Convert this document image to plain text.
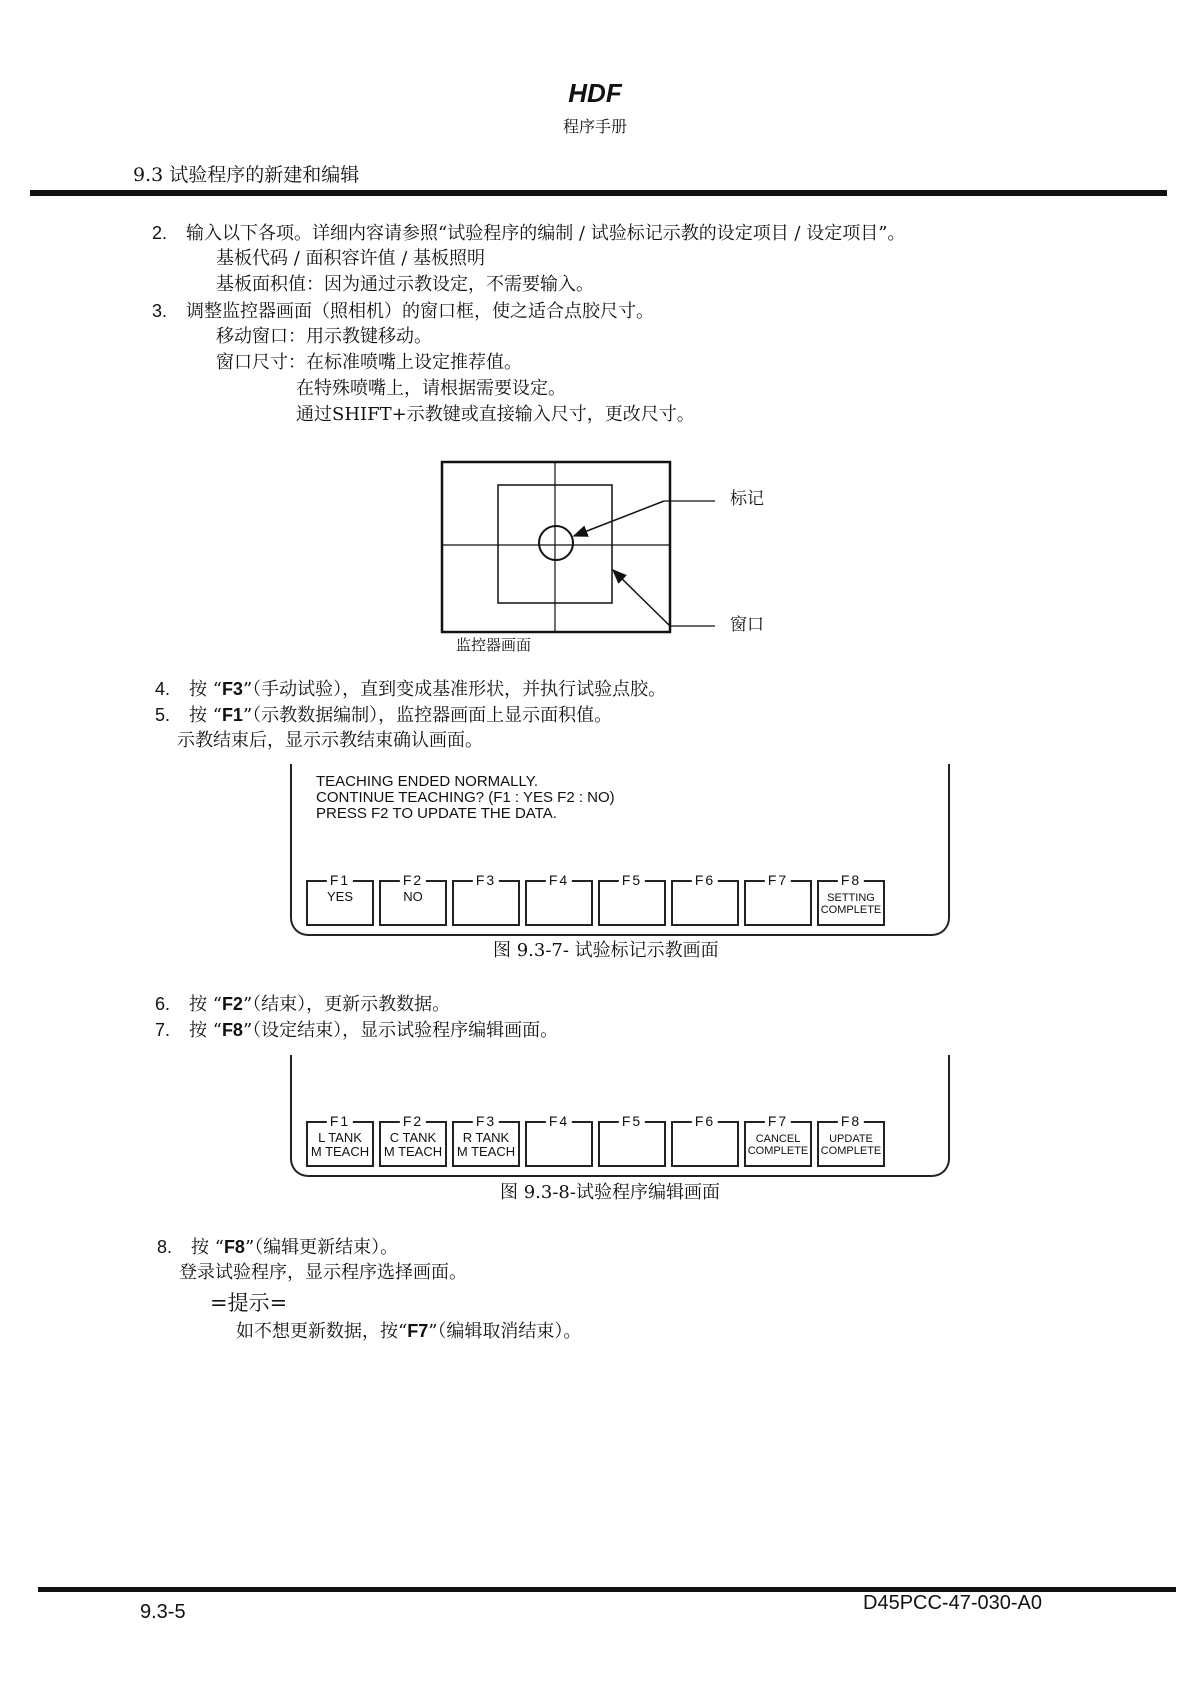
HDF
程序手册
9.3 试验程序的新建和编辑
2. 输入以下各项。详细内容请参照“试验程序的编制 / 试验标记示教的设定项目 / 设定项目”。
基板代码 / 面积容许值 / 基板照明
基板面积值：因为通过示教设定，不需要输入。
3. 调整监控器画面（照相机）的窗口框，使之适合点胶尺寸。
移动窗口：用示教键移动。
窗口尺寸：在标准喷嘴上设定推荐值。
在特殊喷嘴上，请根据需要设定。
通过SHIFT+示教键或直接输入尺寸，更改尺寸。
标记
窗口
监控器画面
4. 按 “F3”（手动试验），直到变成基准形状，并执行试验点胶。
5. 按 “F1”（示教数据编制），监控器画面上显示面积值。
示教结束后，显示示教结束确认画面。
TEACHING ENDED NORMALLY.
CONTINUE TEACHING? (F1 : YES F2 : NO)
PRESS F2 TO UPDATE THE DATA.
F1
YES
F2
NO
F3	F4	F5	F6	F7	F8
SETTING
COMPLETE
图 9.3-7- 试验标记示教画面
6. 按 “F2”（结束），更新示教数据。
7. 按 “F8”（设定结束），显示试验程序编辑画面。
F1
L TANK
M TEACH
F2
C TANK
M TEACH
F3
R TANK
M TEACH
F4	F5	F6	F7
CANCEL
COMPLETE
F8
UPDATE
COMPLETE
图 9.3-8-试验程序编辑画面
8. 按 “F8”（编辑更新结束）。
登录试验程序，显示程序选择画面。
=提示=
如不想更新数据，按“F7”（编辑取消结束）。
9.3-5	D45PCC-47-030-A0
